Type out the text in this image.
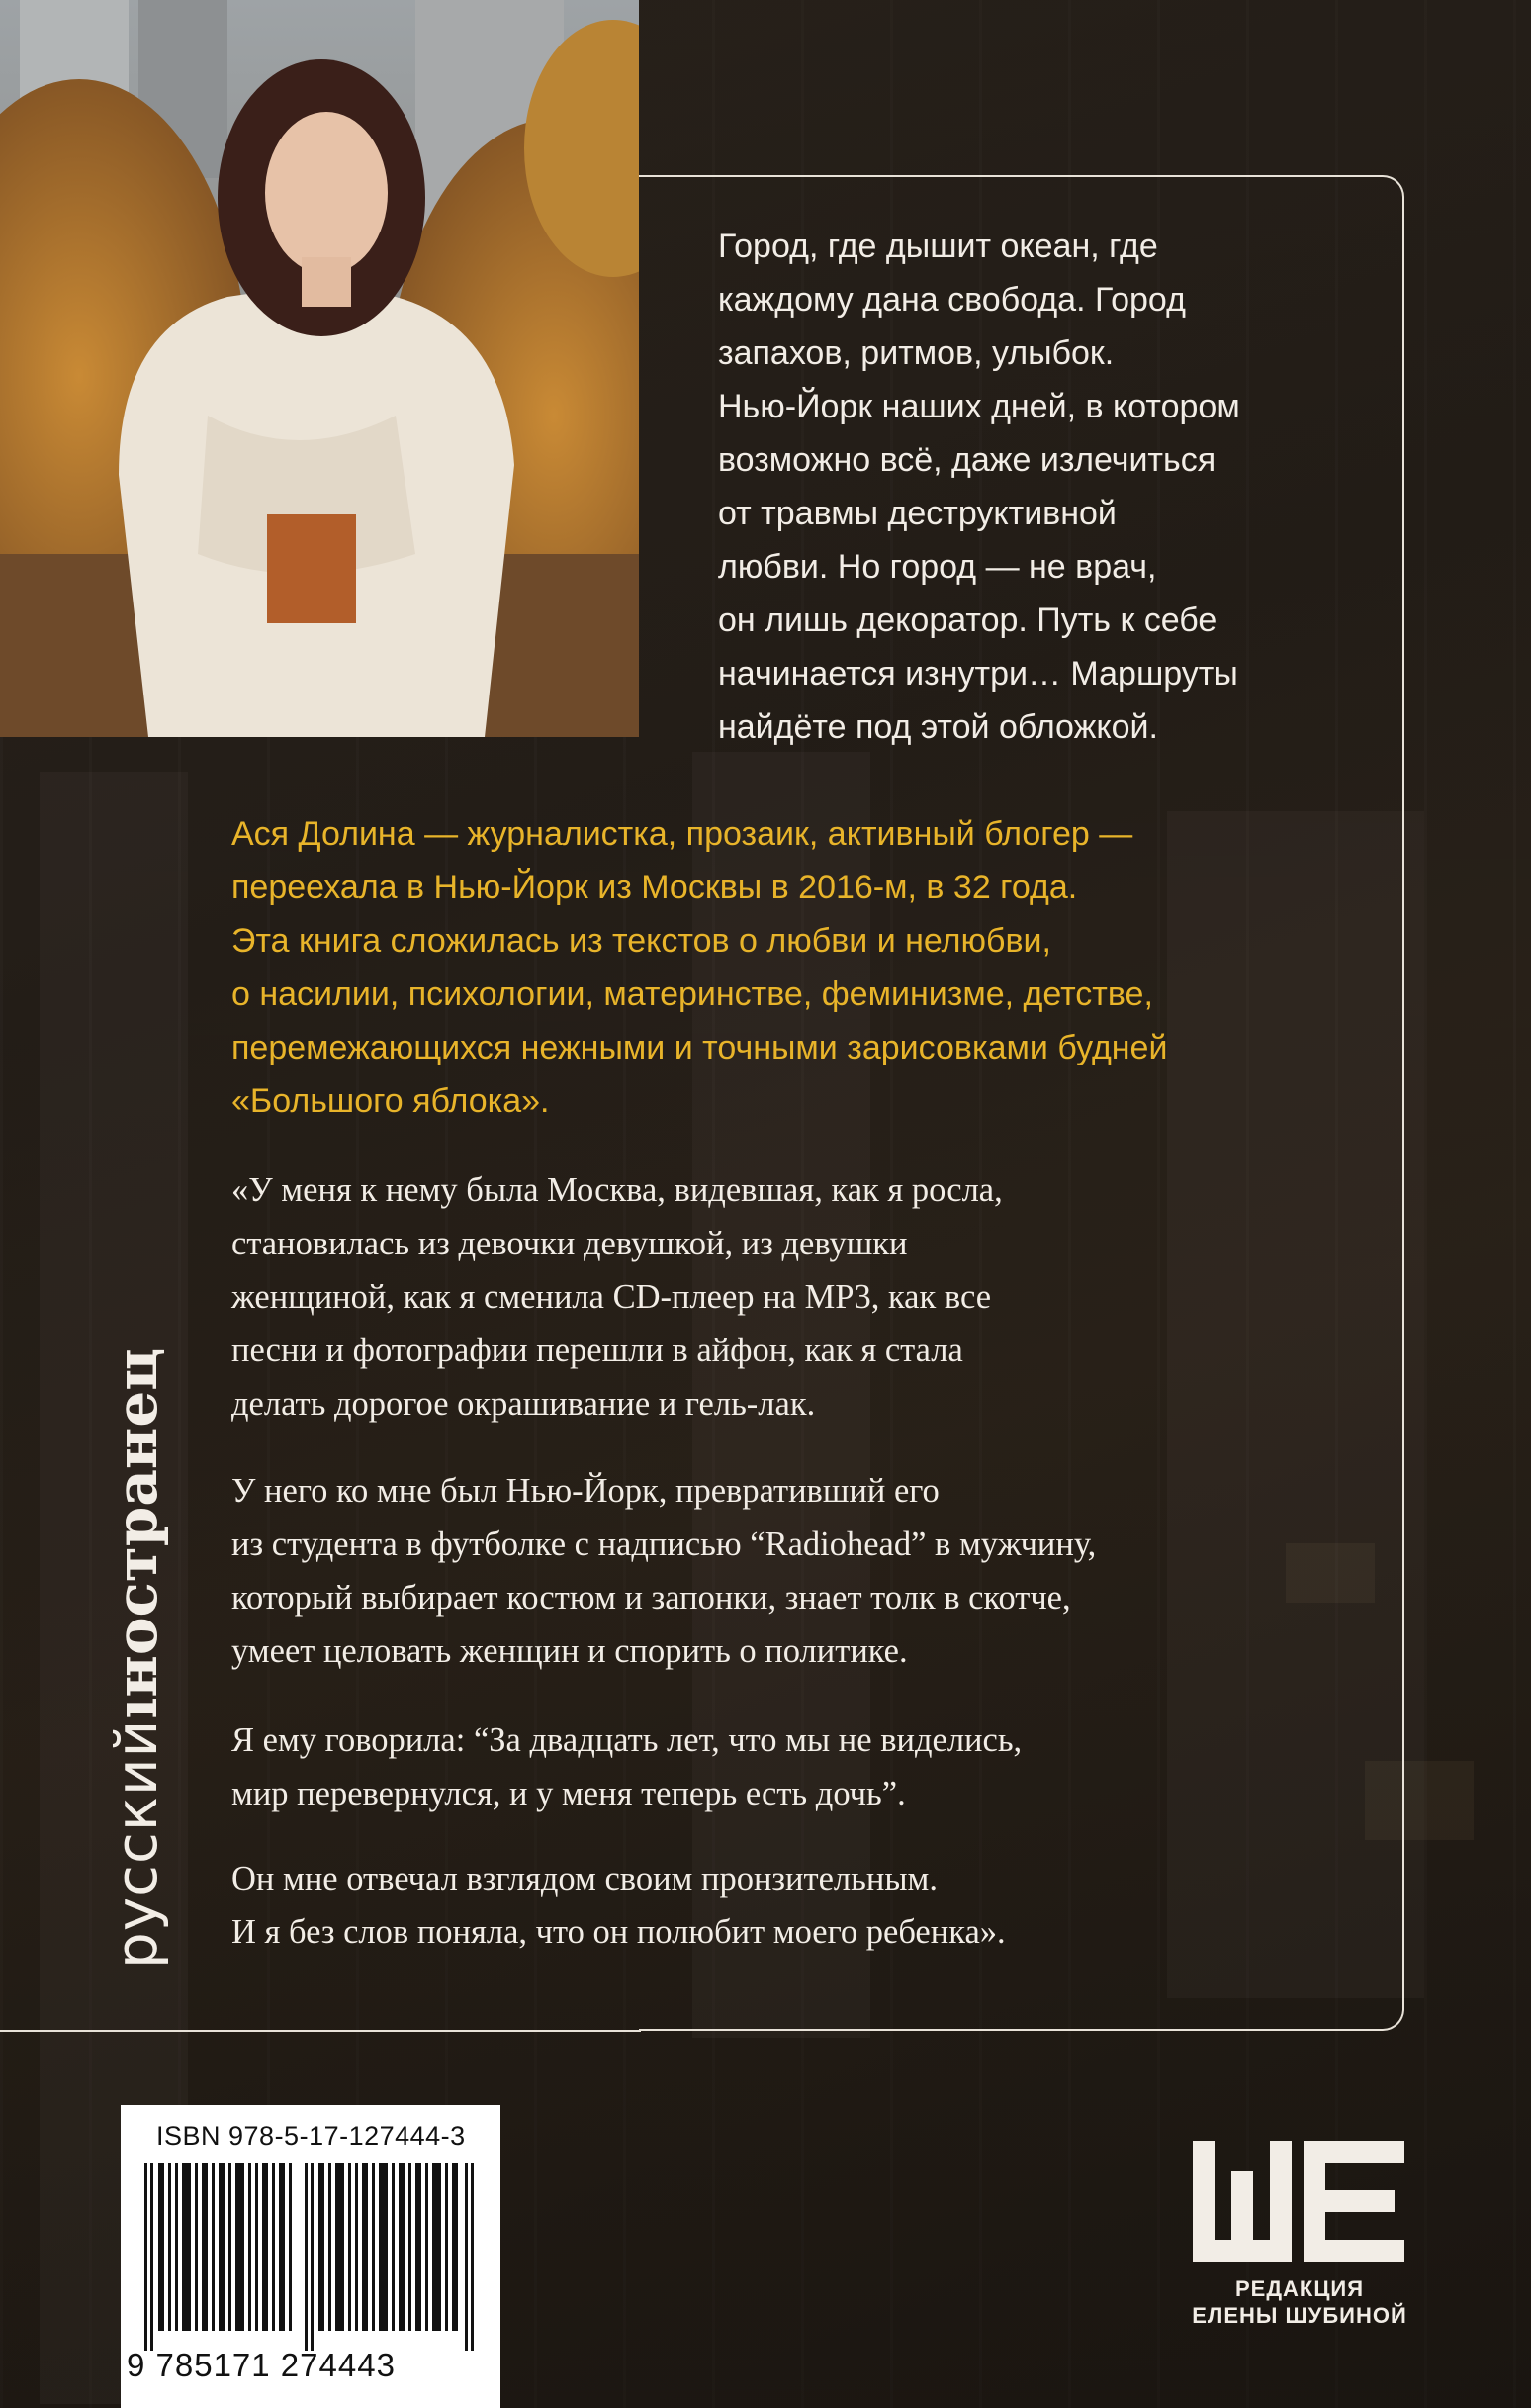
Город, где дышит океан, где
каждому дана свобода. Город
запахов, ритмов, улыбок.
Нью-Йорк наших дней, в котором
возможно всё, даже излечиться
от травмы деструктивной
любви. Но город — не врач,
он лишь декоратор. Путь к себе
начинается изнутри… Маршруты
найдёте под этой обложкой.

Ася Долина — журналистка, прозаик, активный блогер —
переехала в Нью-Йорк из Москвы в 2016-м, в 32 года.
Эта книга сложилась из текстов о любви и нелюбви,
о насилии, психологии, материнстве, феминизме, детстве,
перемежающихся нежными и точными зарисовками будней
«Большого яблока».

«У меня к нему была Москва, видевшая, как я росла,
становилась из девочки девушкой, из девушки
женщиной, как я сменила CD-плеер на MP3, как все
песни и фотографии перешли в айфон, как я стала
делать дорогое окрашивание и гель-лак.

У него ко мне был Нью-Йорк, превративший его
из студента в футболке с надписью “Radiohead” в мужчину,
который выбирает костюм и запонки, знает толк в скотче,
умеет целовать женщин и спорить о политике.

Я ему говорила: “За двадцать лет, что мы не виделись,
мир перевернулся, и у меня теперь есть дочь”.

Он мне отвечал взглядом своим пронзительным.
И я без слов поняла, что он полюбит моего ребенка».

русскийıностранец
ISBN 978-5-17-127444-3
9 785171 274443
РЕДАКЦИЯ
ЕЛЕНЫ ШУБИНОЙ
